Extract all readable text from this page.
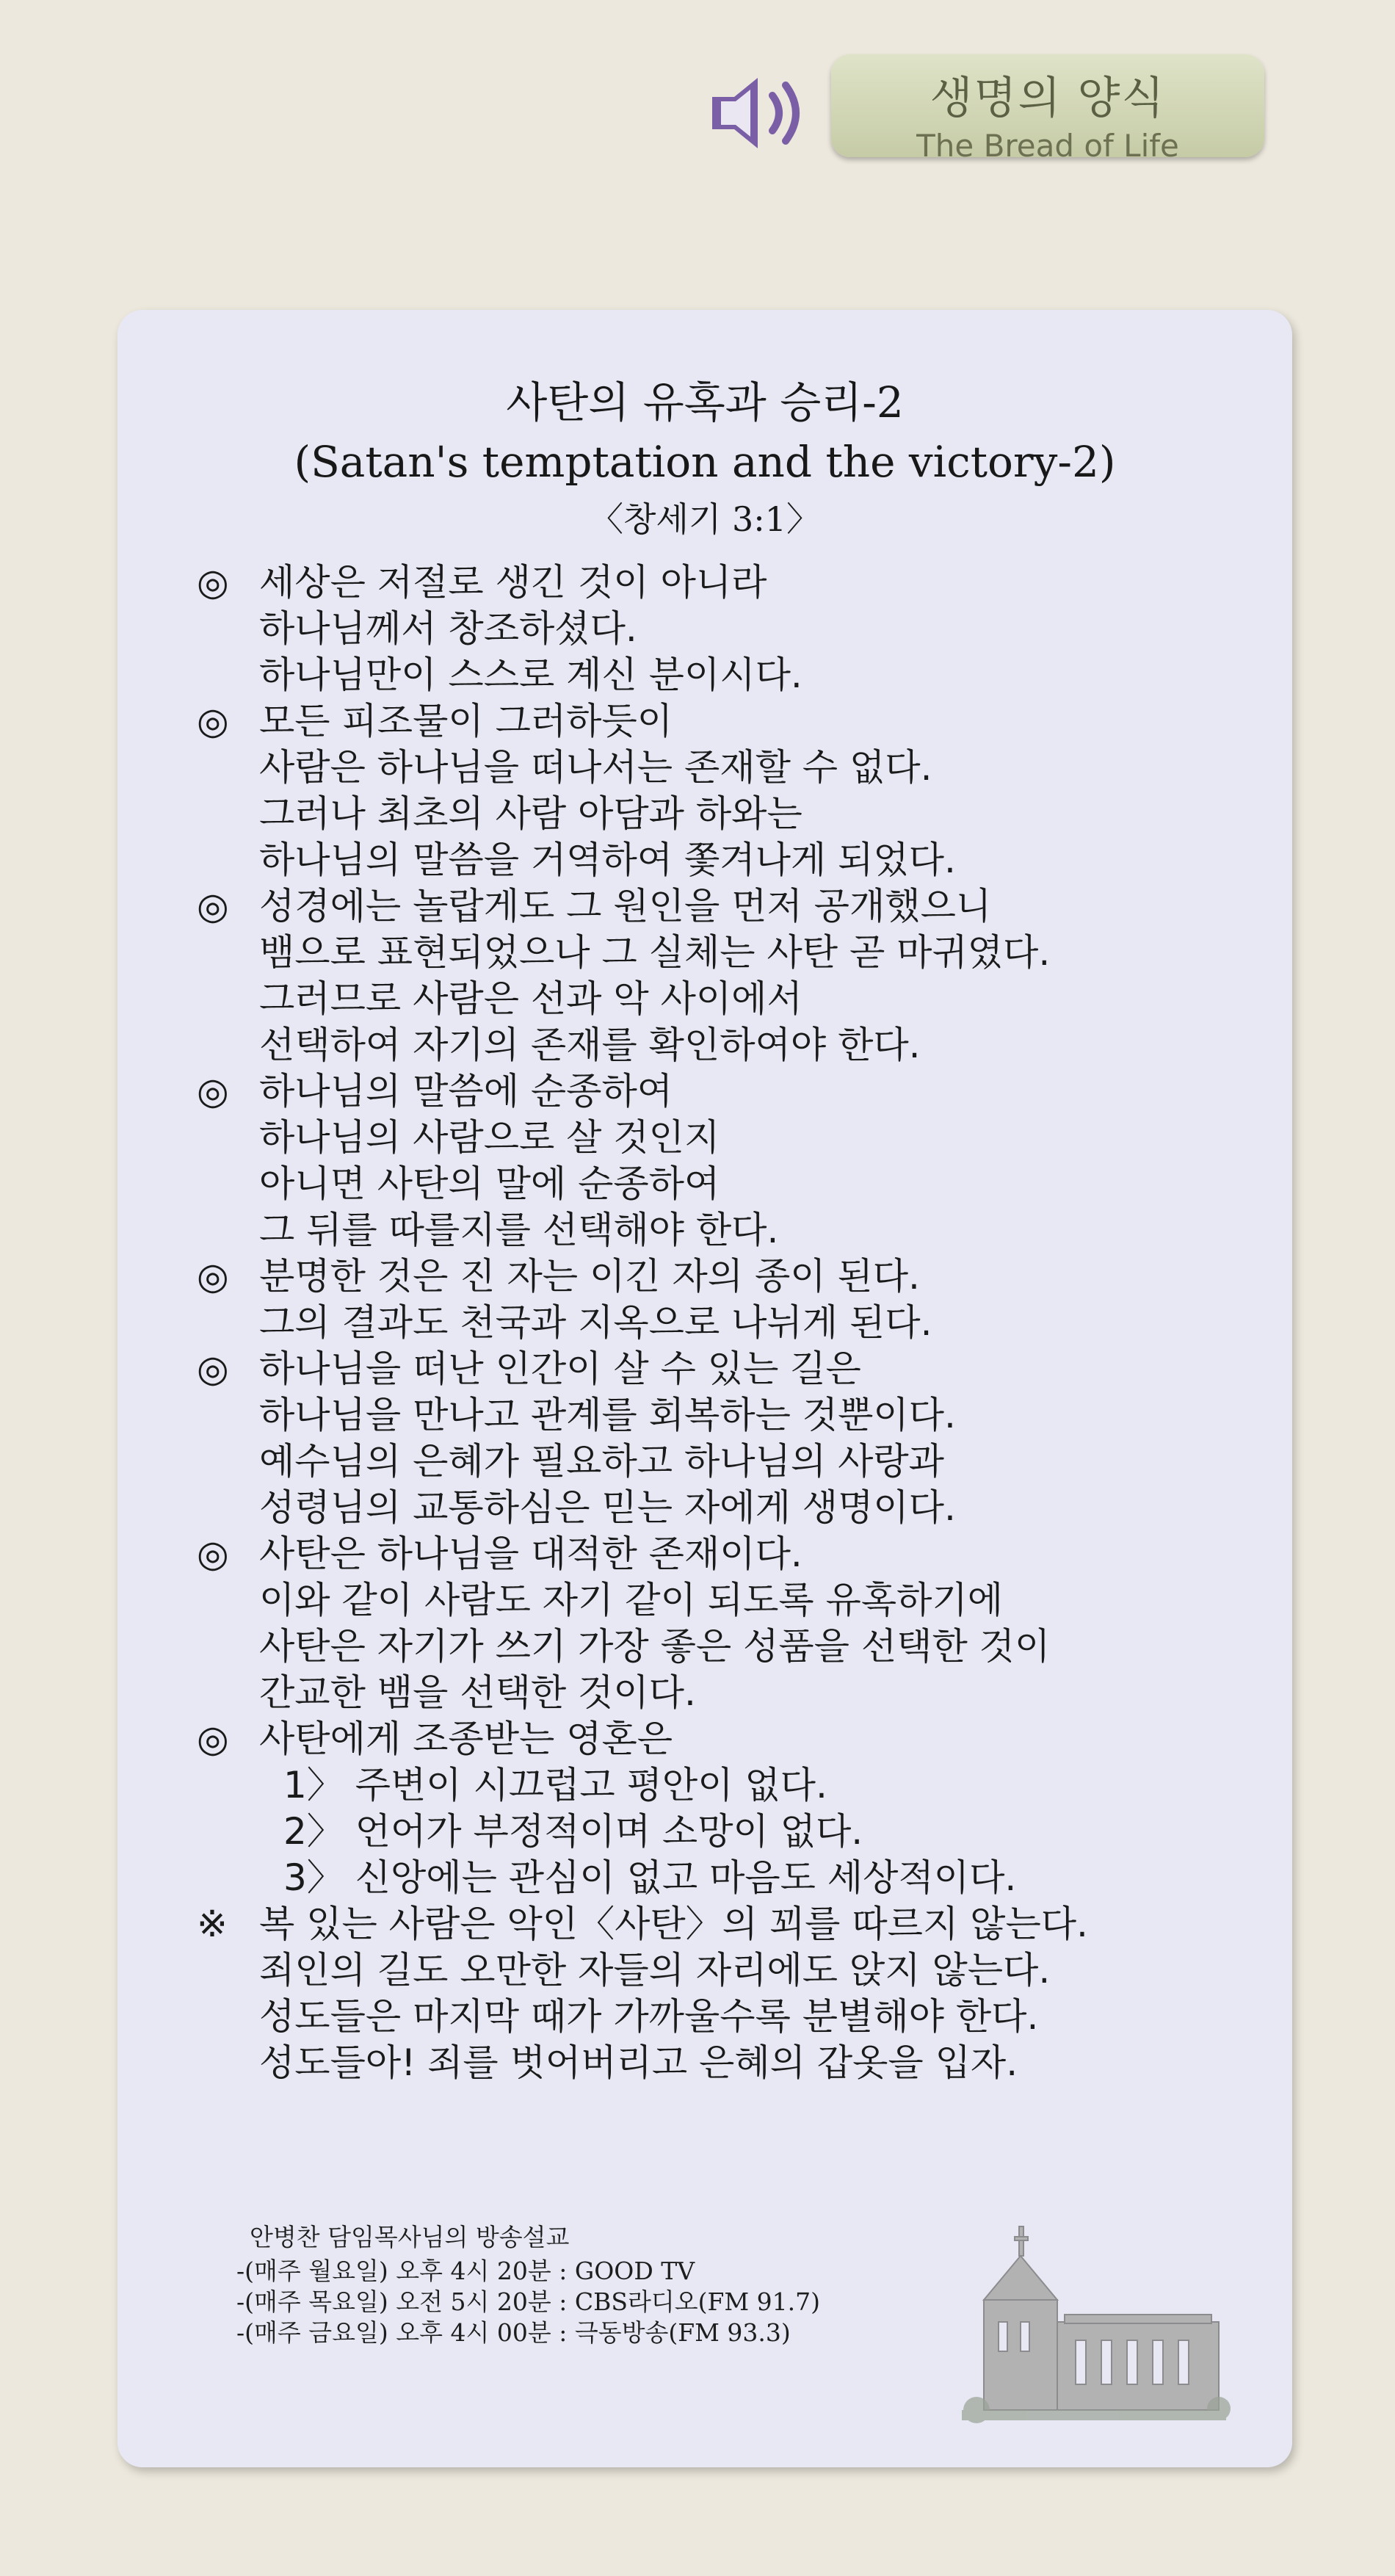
생명의 양식
The Bread of Life
사탄의 유혹과 승리-2
(Satan's temptation and the victory-2)
〈창세기 3:1〉
◎ 세상은 저절로 생긴 것이 아니라
하나님께서 창조하셨다.
하나님만이 스스로 계신 분이시다.
◎ 모든 피조물이 그러하듯이
사람은 하나님을 떠나서는 존재할 수 없다.
그러나 최초의 사람 아담과 하와는
하나님의 말씀을 거역하여 쫓겨나게 되었다.
◎ 성경에는 놀랍게도 그 원인을 먼저 공개했으니
뱀으로 표현되었으나 그 실체는 사탄 곧 마귀였다.
그러므로 사람은 선과 악 사이에서
선택하여 자기의 존재를 확인하여야 한다.
◎ 하나님의 말씀에 순종하여
하나님의 사람으로 살 것인지
아니면 사탄의 말에 순종하여
그 뒤를 따를지를 선택해야 한다.
◎ 분명한 것은 진 자는 이긴 자의 종이 된다.
그의 결과도 천국과 지옥으로 나뉘게 된다.
◎ 하나님을 떠난 인간이 살 수 있는 길은
하나님을 만나고 관계를 회복하는 것뿐이다.
예수님의 은혜가 필요하고 하나님의 사랑과
성령님의 교통하심은 믿는 자에게 생명이다.
◎ 사탄은 하나님을 대적한 존재이다.
이와 같이 사람도 자기 같이 되도록 유혹하기에
사탄은 자기가 쓰기 가장 좋은 성품을 선택한 것이
간교한 뱀을 선택한 것이다.
◎ 사탄에게 조종받는 영혼은
1〉 주변이 시끄럽고 평안이 없다.
2〉 언어가 부정적이며 소망이 없다.
3〉 신앙에는 관심이 없고 마음도 세상적이다.
※ 복 있는 사람은 악인〈사탄〉의 꾀를 따르지 않는다.
죄인의 길도 오만한 자들의 자리에도 앉지 않는다.
성도들은 마지막 때가 가까울수록 분별해야 한다.
성도들아! 죄를 벗어버리고 은혜의 갑옷을 입자.
안병찬 담임목사님의 방송설교
-(매주 월요일) 오후 4시 20분 : GOOD TV
-(매주 목요일) 오전 5시 20분 : CBS라디오(FM 91.7)
-(매주 금요일) 오후 4시 00분 : 극동방송(FM 93.3)
